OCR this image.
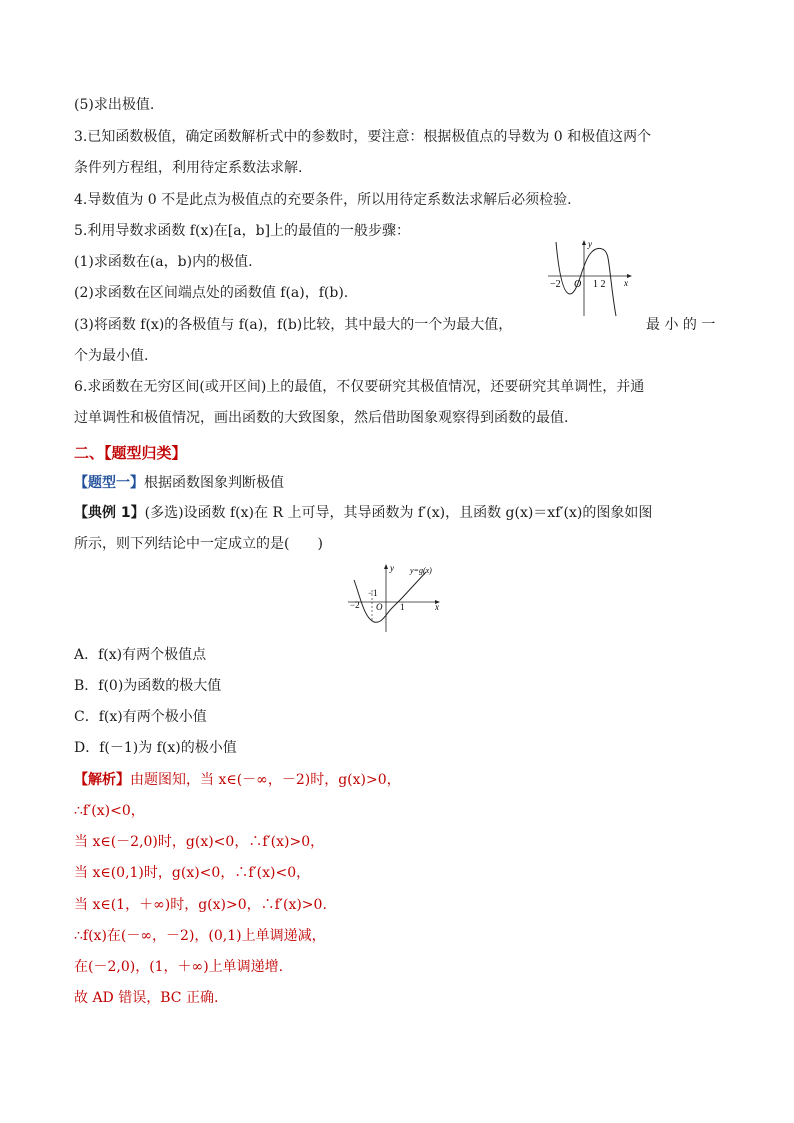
(5)求出极值.
3.已知函数极值，确定函数解析式中的参数时，要注意：根据极值点的导数为 0 和极值这两个
条件列方程组，利用待定系数法求解.
4.导数值为 0 不是此点为极值点的充要条件，所以用待定系数法求解后必须检验.
5.利用导数求函数 f(x)在[a，b]上的最值的一般步骤：
(1)求函数在(a，b)内的极值.
(2)求函数在区间端点处的函数值 f(a)，f(b).
(3)将函数 f(x)的各极值与 f(a)，f(b)比较，其中最大的一个为最大值，	最 小 的 一
个为最小值.
6.求函数在无穷区间(或开区间)上的最值，不仅要研究其极值情况，还要研究其单调性，并通
过单调性和极值情况，画出函数的大致图象，然后借助图象观察得到函数的最值.
y
x
−2 O 1 2
二、【题型归类】
【题型一】根据函数图象判断极值
【典例 1】(多选)设函数 f(x)在 R 上可导，其导函数为 f′(x)，且函数 g(x)＝xf′(x)的图象如图
所示，则下列结论中一定成立的是(　　)
y y=g(x)
x
−1
−2 O 1
A．f(x)有两个极值点
B．f(0)为函数的极大值
C．f(x)有两个极小值
D．f(－1)为 f(x)的极小值
【解析】由题图知，当 x∈(－∞，－2)时，g(x)>0，
∴f′(x)<0，
当 x∈(－2,0)时，g(x)<0，∴f′(x)>0，
当 x∈(0,1)时，g(x)<0，∴f′(x)<0，
当 x∈(1，＋∞)时，g(x)>0，∴f′(x)>0.
∴f(x)在(－∞，－2)，(0,1)上单调递减，
在(－2,0)，(1，＋∞)上单调递增.
故 AD 错误，BC 正确.
